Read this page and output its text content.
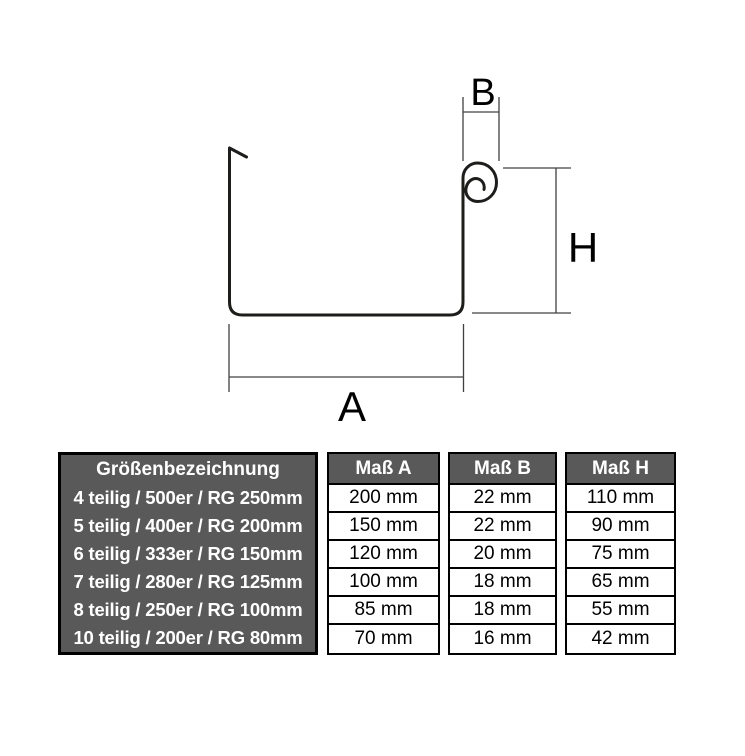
B
H
A
Größenbezeichnung
4 teilig / 500er / RG 250mm
5 teilig / 400er / RG 200mm
6 teilig / 333er / RG 150mm
7 teilig / 280er / RG 125mm
8 teilig / 250er / RG 100mm
10 teilig / 200er / RG 80mm
Maß A
200 mm
150 mm
120 mm
100 mm
85 mm
70 mm
Maß B
22 mm
22 mm
20 mm
18 mm
18 mm
16 mm
Maß H
110 mm
90 mm
75 mm
65 mm
55 mm
42 mm
